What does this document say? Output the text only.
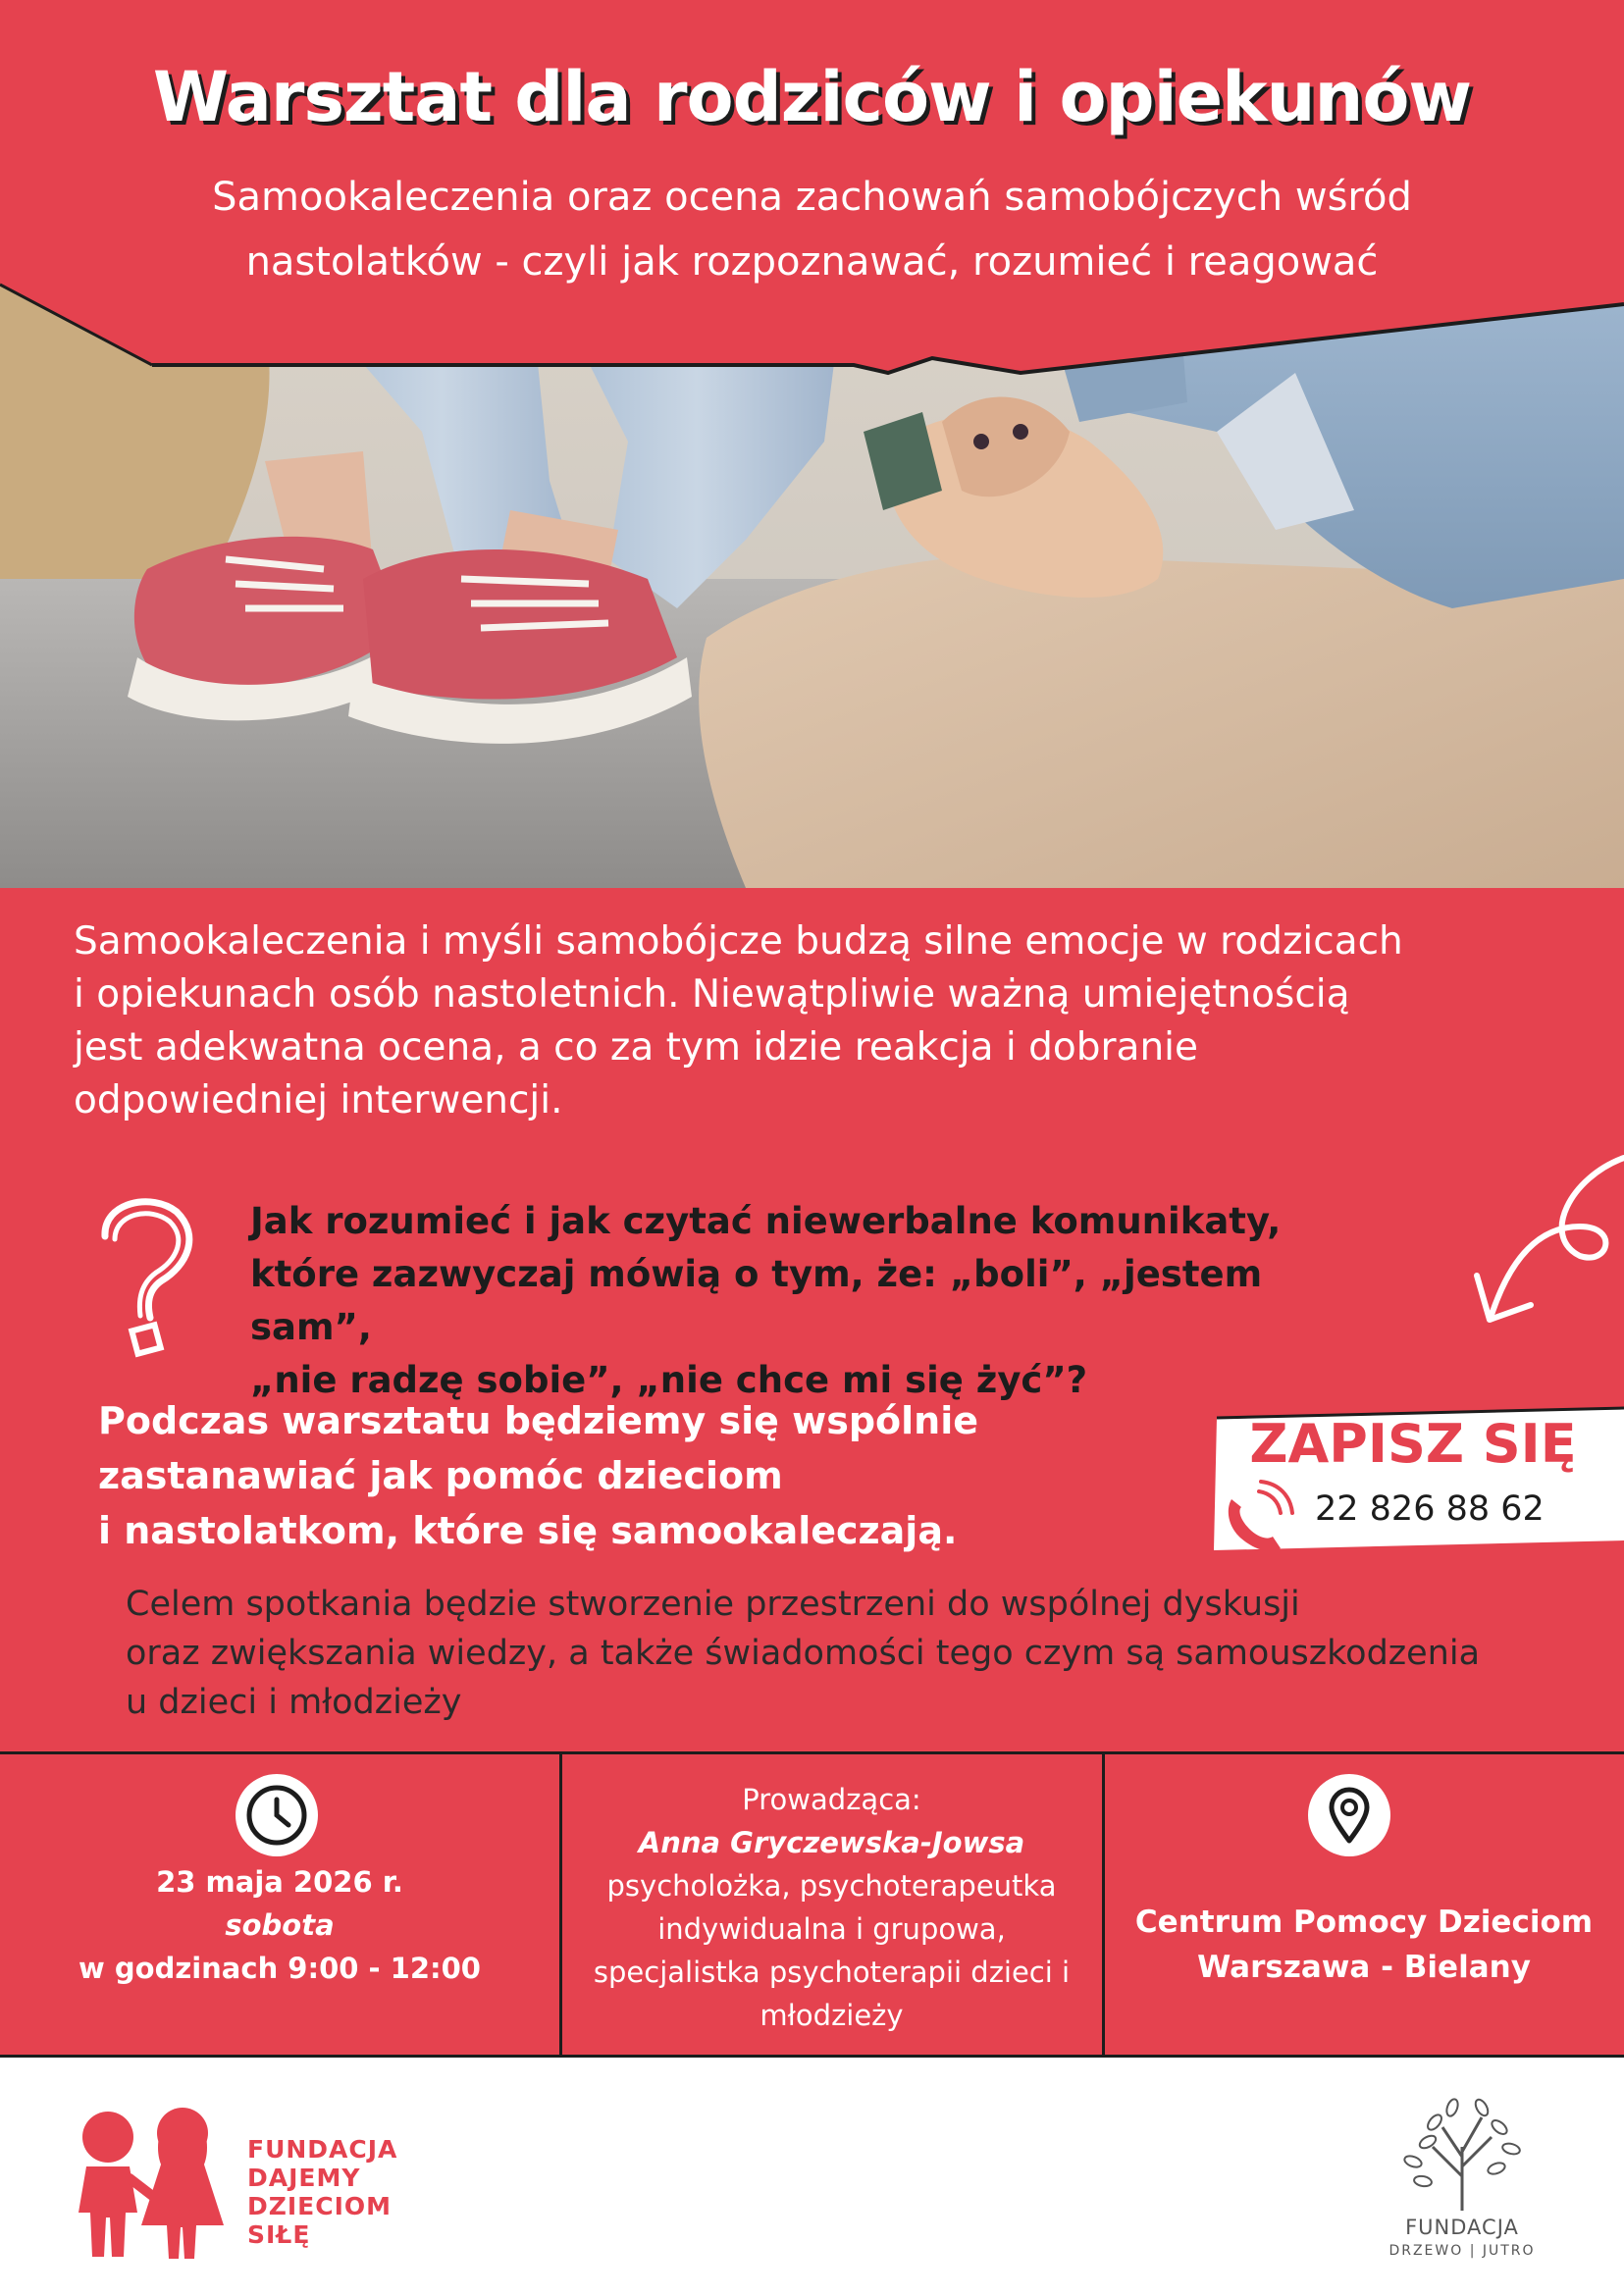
Warsztat dla rodziców i opiekunów
Samookaleczenia oraz ocena zachowań samobójczych wśród
nastolatków - czyli jak rozpoznawać, rozumieć i reagować
Samookaleczenia i myśli samobójcze budzą silne emocje w rodzicach
i opiekunach osób nastoletnich. Niewątpliwie ważną umiejętnością
jest adekwatna ocena, a co za tym idzie reakcja i dobranie
odpowiedniej interwencji.
Jak rozumieć i jak czytać niewerbalne komunikaty,
które zazwyczaj mówią o tym, że: „boli”, „jestem sam”,
„nie radzę sobie”, „nie chce mi się żyć”?
Podczas warsztatu będziemy się wspólnie
zastanawiać jak pomóc dzieciom
i nastolatkom, które się samookaleczają.
ZAPISZ SIĘ
22 826 88 62
Celem spotkania będzie stworzenie przestrzeni do wspólnej dyskusji
oraz zwiększania wiedzy, a także świadomości tego czym są samouszkodzenia
u dzieci i młodzieży
23 maja 2026 r.
sobota
w godzinach 9:00 - 12:00
Prowadząca:
Anna Gryczewska-Jowsa
psycholożka, psychoterapeutka
indywidualna i grupowa,
specjalistka psychoterapii dzieci i
młodzieży
Centrum Pomocy Dzieciom
Warszawa - Bielany
FUNDACJA
DAJEMY
DZIECIOM
SIŁĘ	FUNDACJA
DRZEWO | JUTRO
